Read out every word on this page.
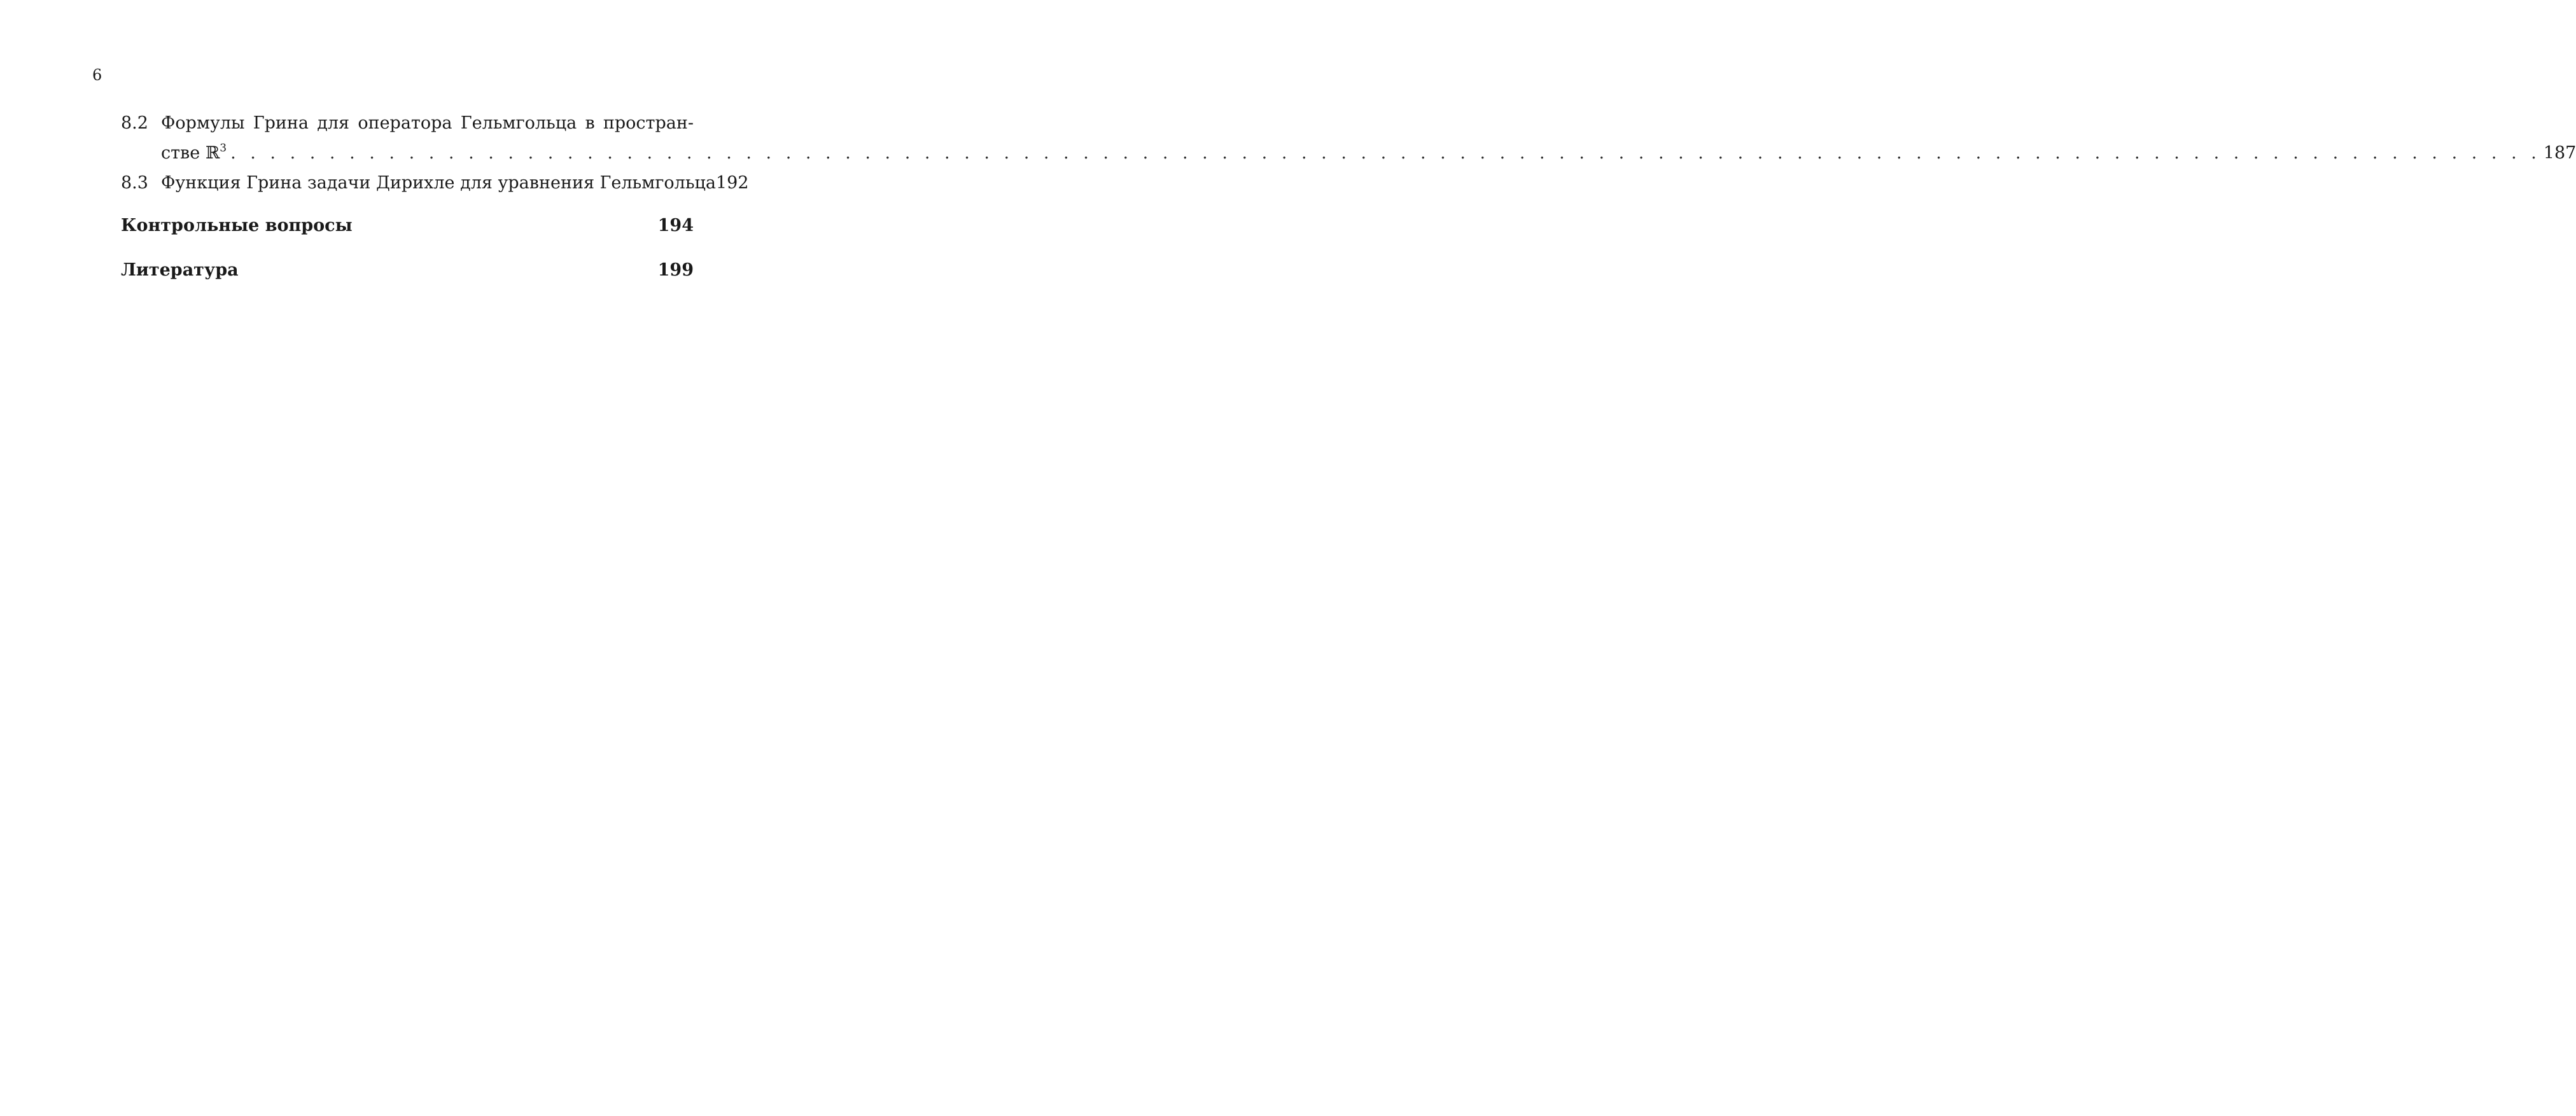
6
8.2 Формулы Грина для оператора Гельмгольца в простран-
стве ℝ$^3$ . . .	187
8.3 Функция Грина задачи Дирихле для уравнения Гельмгольца 192
Контрольные вопросы	194
Литература	199
